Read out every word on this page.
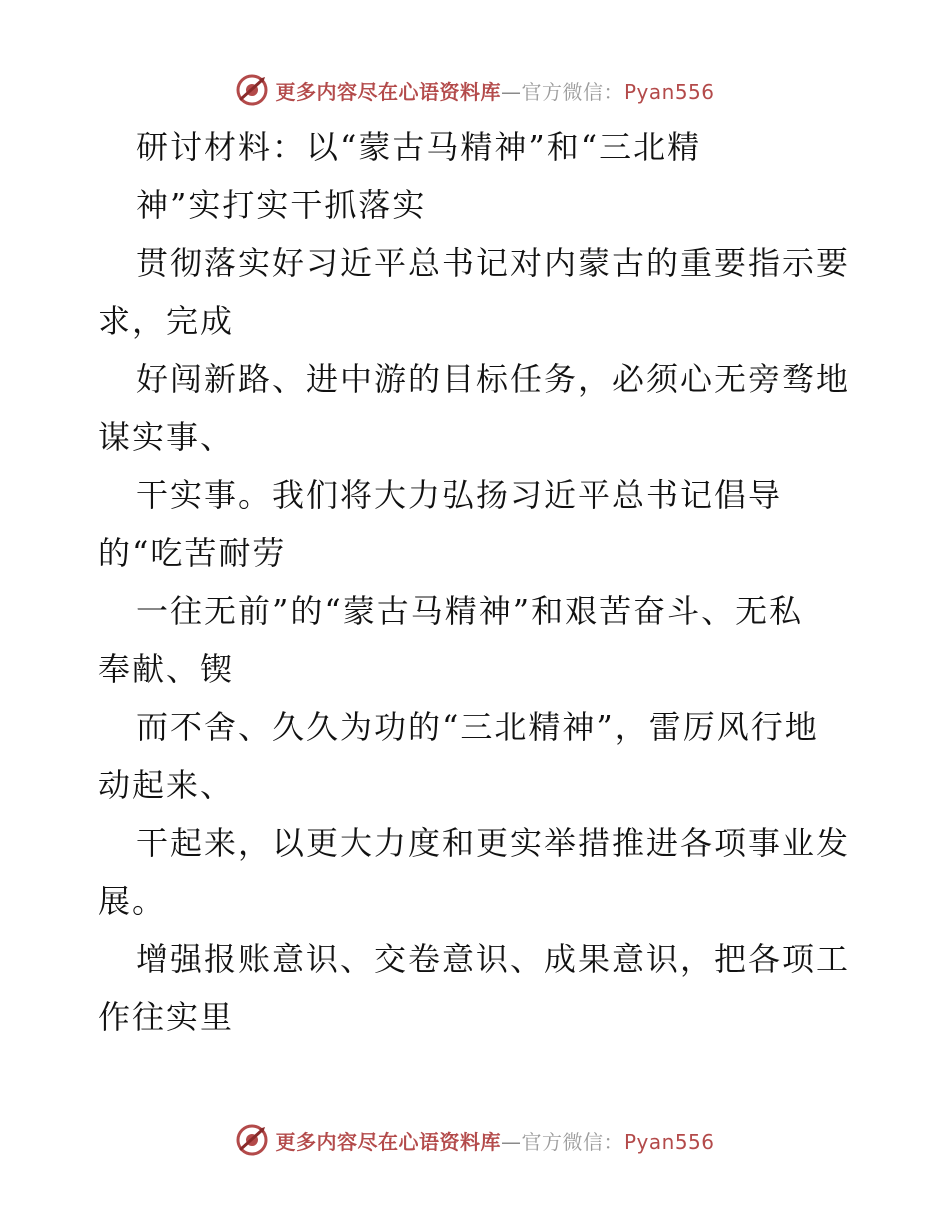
更多内容尽在心语资料库—官方微信：Pyan556
研讨材料：以“蒙古马精神”和“三北精
神”实打实干抓落实
贯彻落实好习近平总书记对内蒙古的重要指示要
求，完成
好闯新路、进中游的目标任务，必须心无旁骛地
谋实事、
干实事。我们将大力弘扬习近平总书记倡导
的“吃苦耐劳
一往无前”的“蒙古马精神”和艰苦奋斗、无私
奉献、锲
而不舍、久久为功的“三北精神”，雷厉风行地
动起来、
干起来，以更大力度和更实举措推进各项事业发
展。
增强报账意识、交卷意识、成果意识，把各项工
作往实里
更多内容尽在心语资料库—官方微信：Pyan556
